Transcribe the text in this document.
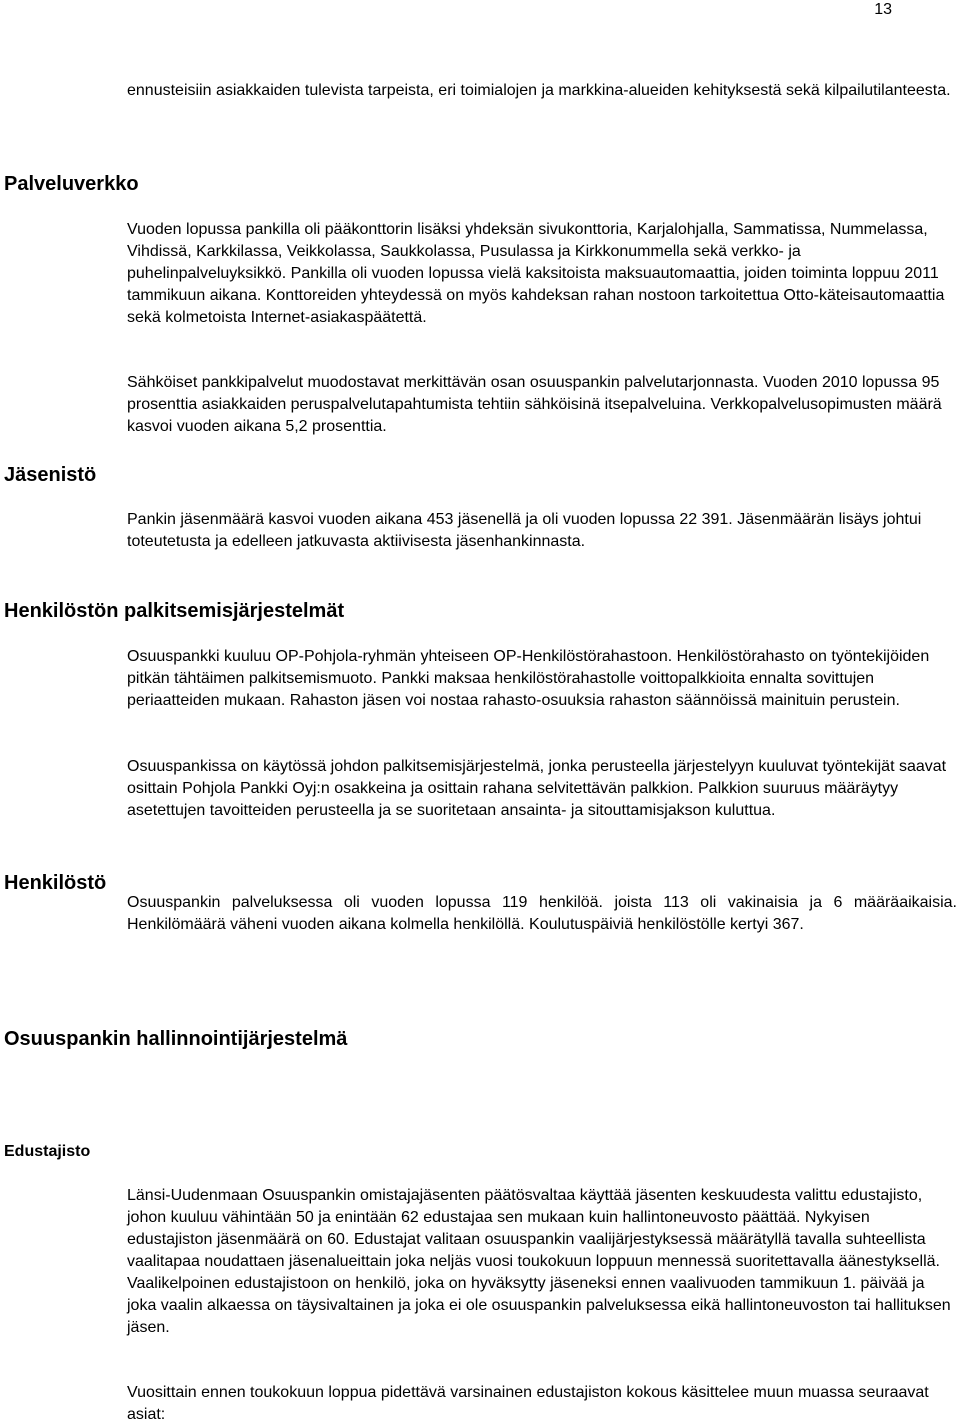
13

ennusteisiin asiakkaiden tulevista tarpeista, eri toimialojen ja markkina-alueiden kehityksestä sekä kilpailutilanteesta.

Palveluverkko

Vuoden lopussa pankilla oli pääkonttorin lisäksi yhdeksän sivukonttoria, Karjalohjalla, Sammatissa, Nummelassa, Vihdissä, Karkkilassa, Veikkolassa, Saukkolassa, Pusulassa ja Kirkkonummella sekä verkko- ja puhelinpalveluyksikkö. Pankilla oli vuoden lopussa vielä kaksitoista maksuautomaattia, joiden toiminta loppuu 2011 tammikuun aikana. Konttoreiden yhteydessä on myös kahdeksan rahan nostoon tarkoitettua Otto-käteisautomaattia sekä kolmetoista Internet-asiakaspäätettä.

Sähköiset pankkipalvelut muodostavat merkittävän osan osuuspankin palvelutarjonnasta. Vuoden 2010 lopussa 95 prosenttia asiakkaiden peruspalvelutapahtumista tehtiin sähköisinä itsepalveluina. Verkkopalvelusopimusten määrä kasvoi vuoden aikana 5,2 prosenttia.

Jäsenistö

Pankin jäsenmäärä kasvoi vuoden aikana 453 jäsenellä ja oli vuoden lopussa 22 391. Jäsenmäärän lisäys johtui toteutetusta ja edelleen jatkuvasta aktiivisesta jäsenhankinnasta.

Henkilöstön palkitsemisjärjestelmät

Osuuspankki kuuluu OP-Pohjola-ryhmän yhteiseen OP-Henkilöstörahastoon. Henkilöstörahasto on työntekijöiden pitkän tähtäimen palkitsemismuoto. Pankki maksaa henkilöstörahastolle voittopalkkioita ennalta sovittujen periaatteiden mukaan. Rahaston jäsen voi nostaa rahasto-osuuksia rahaston säännöissä mainituin perustein.

Osuuspankissa on käytössä johdon palkitsemisjärjestelmä, jonka perusteella järjestelyyn kuuluvat työntekijät saavat osittain Pohjola Pankki Oyj:n osakkeina ja osittain rahana selvitettävän palkkion. Palkkion suuruus määräytyy asetettujen tavoitteiden perusteella ja se suoritetaan ansainta- ja sitouttamisjakson kuluttua.

Henkilöstö

Osuuspankin palveluksessa oli vuoden lopussa 119 henkilöä. joista 113 oli vakinaisia ja 6 määräaikaisia. Henkilömäärä väheni vuoden aikana kolmella henkilöllä. Koulutuspäiviä henkilöstölle kertyi 367.

Osuuspankin hallinnointijärjestelmä
Edustajisto

Länsi-Uudenmaan Osuuspankin omistajajäsenten päätösvaltaa käyttää jäsenten keskuudesta valittu edustajisto, johon kuuluu vähintään 50 ja enintään 62 edustajaa sen mukaan kuin hallintoneuvosto päättää. Nykyisen edustajiston jäsenmäärä on 60. Edustajat valitaan osuuspankin vaalijärjestyksessä määrätyllä tavalla suhteellista vaalitapaa noudattaen jäsenalueittain joka neljäs vuosi toukokuun loppuun mennessä suoritettavalla äänestyksellä. Vaalikelpoinen edustajistoon on henkilö, joka on hyväksytty jäseneksi ennen vaalivuoden tammikuun 1. päivää ja joka vaalin alkaessa on täysivaltainen ja joka ei ole osuuspankin palveluksessa eikä hallintoneuvoston tai hallituksen jäsen.

Vuosittain ennen toukokuun loppua pidettävä varsinainen edustajiston kokous käsittelee muun muassa seuraavat asiat:
